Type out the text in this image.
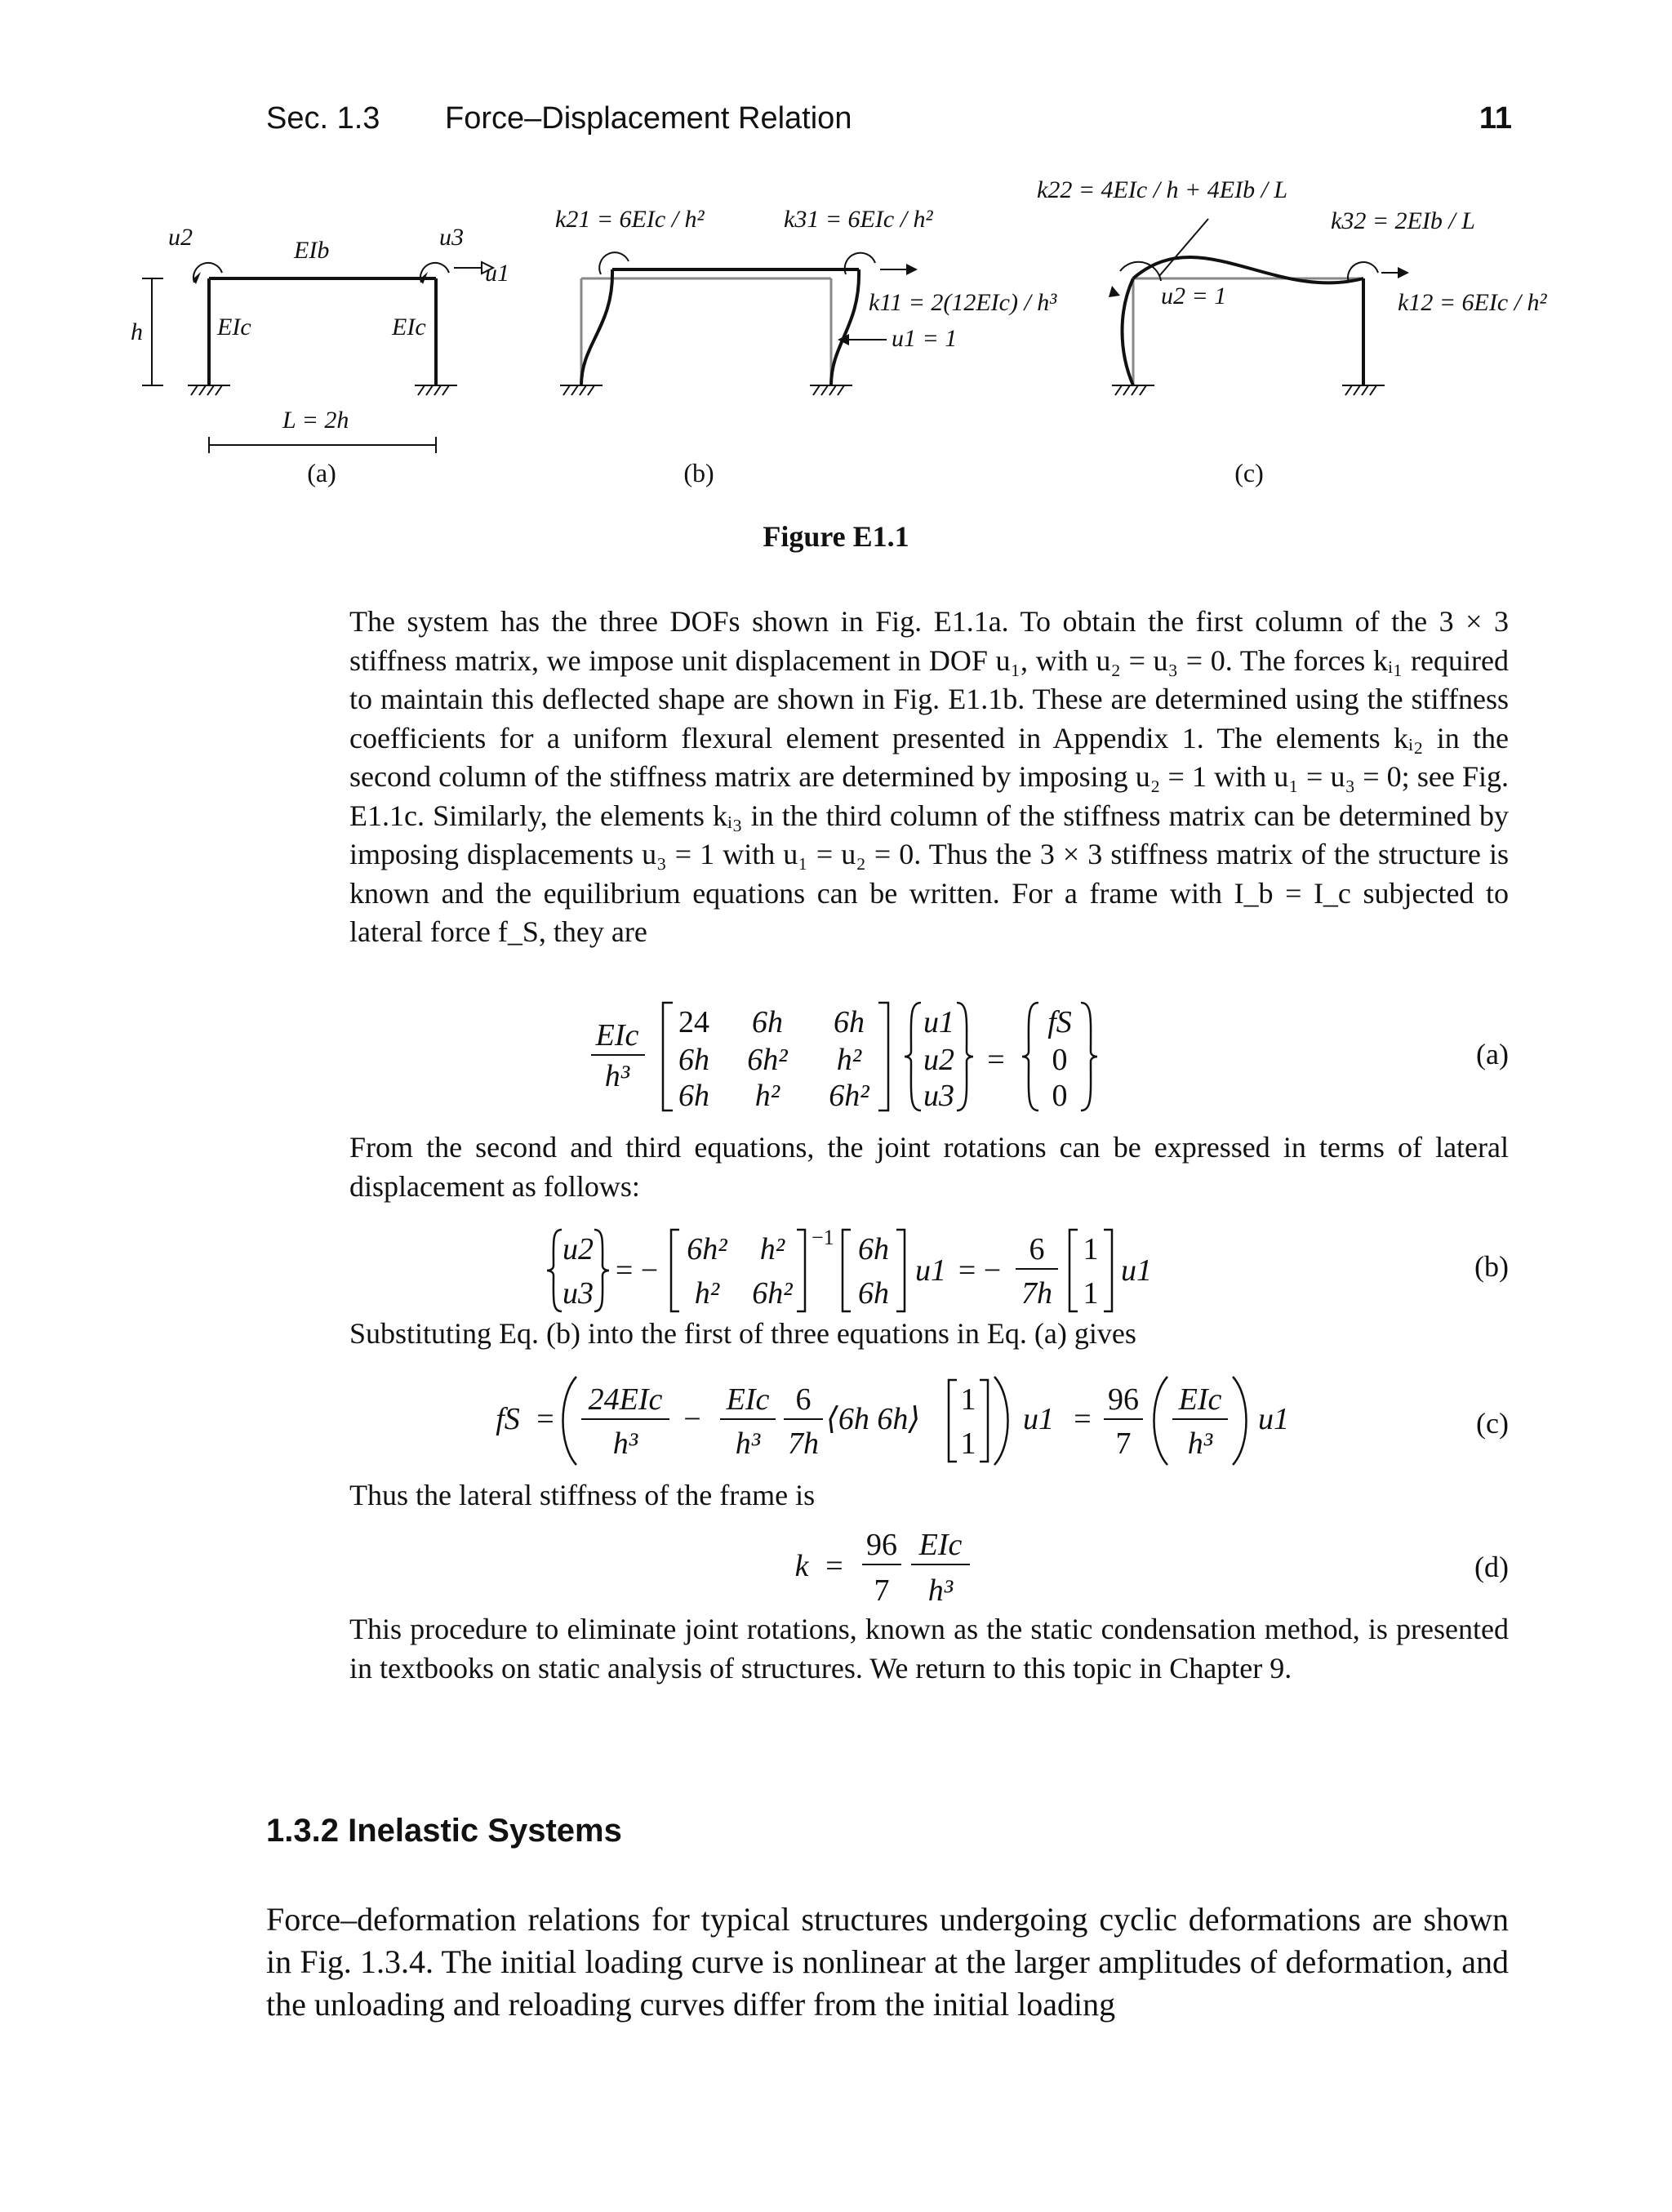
Sec. 1.3 Force–Displacement Relation	11
u2	u3
u1
EIb
EIc	EIc
h
L = 2h
k21 = 6EIc / h²	k31 = 6EIc / h²
k11 = 2(12EIc) / h³
u1 = 1
k22 = 4EIc / h + 4EIb / L
k32 = 2EIb / L
k12 = 6EIc / h²
u2 = 1
(a)	(b)	(c)
Figure E1.1
The system has the three DOFs shown in Fig. E1.1a. To obtain the first column of the 3 × 3 stiffness matrix, we impose unit displacement in DOF u₁, with u₂ = u₃ = 0. The forces kᵢ₁ required to maintain this deflected shape are shown in Fig. E1.1b. These are determined using the stiffness coefficients for a uniform flexural element presented in Appendix 1. The elements kᵢ₂ in the second column of the stiffness matrix are determined by imposing u₂ = 1 with u₁ = u₃ = 0; see Fig. E1.1c. Similarly, the elements kᵢ₃ in the third column of the stiffness matrix can be determined by imposing displacements u₃ = 1 with u₁ = u₂ = 0. Thus the 3 × 3 stiffness matrix of the structure is known and the equilibrium equations can be written. For a frame with I_b = I_c subjected to lateral force f_S, they are
EIc
h³
24 6h 6h
6h 6h² h²
6h h² 6h²
u1
u2
u3
=
fS
0
0
(a)
From the second and third equations, the joint rotations can be expressed in terms of lateral displacement as follows:
u2
u3
= −
6h² h²
h² 6h²
−1 6h
6h
u1 = −
6
7h
1
1
u1	(b)
Substituting Eq. (b) into the first of three equations in Eq. (a) gives
fS =
24EIc
h³
−
EIc
h³
6
7h
⟨6h 6h⟩
1
1
u1 =
96
7
EIc
h³
u1	(c)
Thus the lateral stiffness of the frame is
k =
96
7
EIc
h³
(d)
This procedure to eliminate joint rotations, known as the static condensation method, is presented in textbooks on static analysis of structures. We return to this topic in Chapter 9.
1.3.2 Inelastic Systems
Force–deformation relations for typical structures undergoing cyclic deformations are shown in Fig. 1.3.4. The initial loading curve is nonlinear at the larger amplitudes of deformation, and the unloading and reloading curves differ from the initial loading
